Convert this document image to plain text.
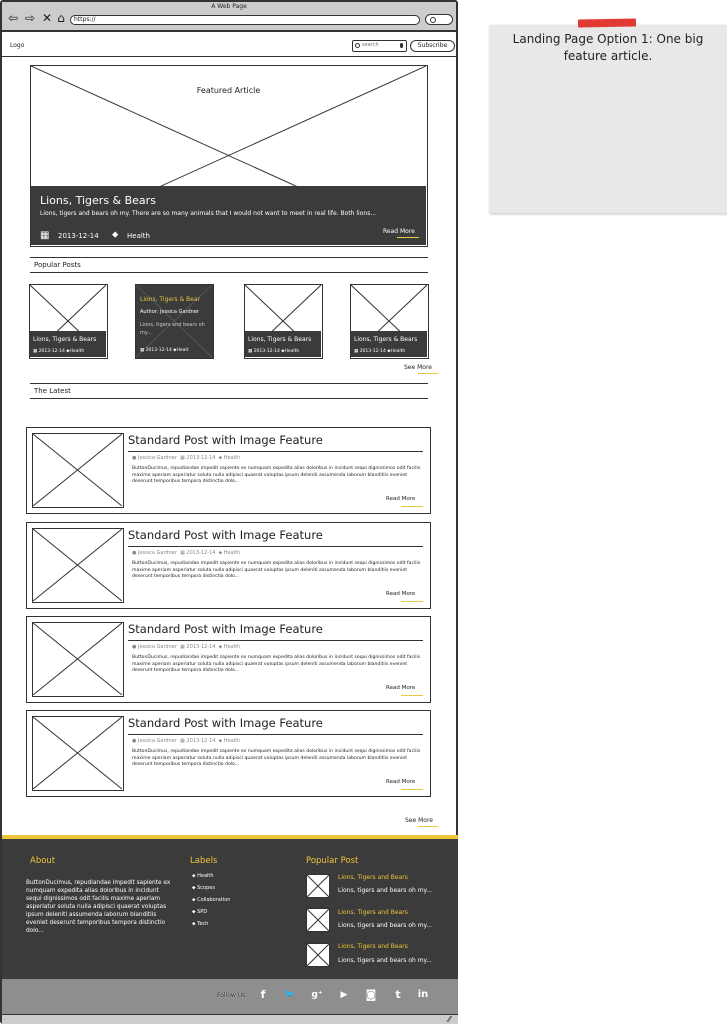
A Web Page
⇦ ⇨ ✕ ⌂	https://
Logo	search	Subscribe
Featured Article
Lions, Tigers & Bears
Lions, tigers and bears oh my. There are so many animals that I would not want to meet in real life. Both lions...
▦ 2013-12-14 ⬥ Health
Read More
Popular Posts
Lions, Tigers & Bears
▦ 2013-12-14 ⬥Health
Lions, Tigers & Bear
Author: Jessica Gardner
Lions, tigers and bears oh my...
▦ 2013-12-14 ⬥Healt
Lions, Tigers & Bears
▦ 2013-12-14 ⬥Health
Lions, Tigers & Bears
▦ 2013-12-14 ⬥Health
See More
The Latest
Standard Post with Image Feature
● Jessica Gardner ▦ 2013-12-14 ⬥ Health
ButtonDucimus, repudiandae impedit sapiente ex numquam expedita alias doloribus in incidunt sequi dignissimos odit facilis maxime aperiam asperiatur soluta nulla adipisci quaerat voluptas ipsum deleniti assumenda laborum blanditiis eveniet deserunt temporibus tempora distinctio dolo...
Read More
Standard Post with Image Feature
● Jessica Gardner ▦ 2013-12-14 ⬥ Health
ButtonDucimus, repudiandae impedit sapiente ex numquam expedita alias doloribus in incidunt sequi dignissimos odit facilis maxime aperiam asperiatur soluta nulla adipisci quaerat voluptas ipsum deleniti assumenda laborum blanditiis eveniet deserunt temporibus tempora distinctio dolo...
Read More
Standard Post with Image Feature
● Jessica Gardner ▦ 2013-12-14 ⬥ Health
ButtonDucimus, repudiandae impedit sapiente ex numquam expedita alias doloribus in incidunt sequi dignissimos odit facilis maxime aperiam asperiatur soluta nulla adipisci quaerat voluptas ipsum deleniti assumenda laborum blanditiis eveniet deserunt temporibus tempora distinctio dolo...
Read More
Standard Post with Image Feature
● Jessica Gardner ▦ 2013-12-14 ⬥ Health
ButtonDucimus, repudiandae impedit sapiente ex numquam expedita alias doloribus in incidunt sequi dignissimos odit facilis maxime aperiam asperiatur soluta nulla adipisci quaerat voluptas ipsum deleniti assumenda laborum blanditiis eveniet deserunt temporibus tempora distinctio dolo...
Read More
See More
About
ButtonDucimus, repudiandae impedit sapiente ex numquam expedita alias doloribus in incidunt sequi dignissimos odit facilis maxime aperiam asperiatur soluta nulla adipisci quaerat voluptas ipsum deleniti assumenda laborum blanditiis eveniet deserunt temporibus tempora distinctio dolo...
Labels
⬥ Health
⬥ Scopes
⬥ Collaboration
⬥ SPD
⬥ Tech
Popular Post
Lions, Tigers and Bears
Lions, tigers and bears oh my...
Lions, Tigers and Bears
Lions, tigers and bears oh my...
Lions, Tigers and Bears
Lions, tigers and bears oh my...
Follow Us	f	🐦 g⁺	▶	◙	t	in
⁄⁄
Landing Page Option 1: One big feature article.
